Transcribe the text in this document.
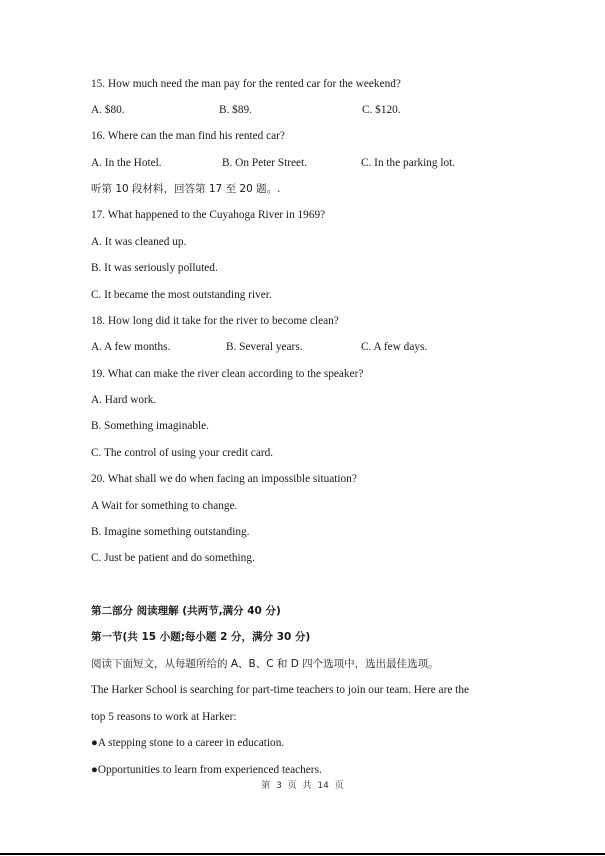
15. How much need the man pay for the rented car for the weekend?
A. $80.	B. $89.	C. $120.
16. Where can the man find his rented car?
A. In the Hotel.	B. On Peter Street.	C. In the parking lot.
听第 10 段材料，回答第 17 至 20 题。.
17. What happened to the Cuyahoga River in 1969?
A. It was cleaned up.
B. It was seriously polluted.
C. It became the most outstanding river.
18. How long did it take for the river to become clean?
A. A few months.	B. Several years.	C. A few days.
19. What can make the river clean according to the speaker?
A. Hard work.
B. Something imaginable.
C. The control of using your credit card.
20. What shall we do when facing an impossible situation?
A Wait for something to change.
B. Imagine something outstanding.
C. Just be patient and do something.
第二部分 阅读理解 (共两节,满分 40 分)
第一节(共 15 小题;每小题 2 分，满分 30 分)
阅读下面短文，从每题所给的 A、B、C 和 D 四个选项中，选出最佳选项。
The Harker School is searching for part-time teachers to join our team. Here are the
top 5 reasons to work at Harker:
●A stepping stone to a career in education.
●Opportunities to learn from experienced teachers.
第 3 页 共 14 页
